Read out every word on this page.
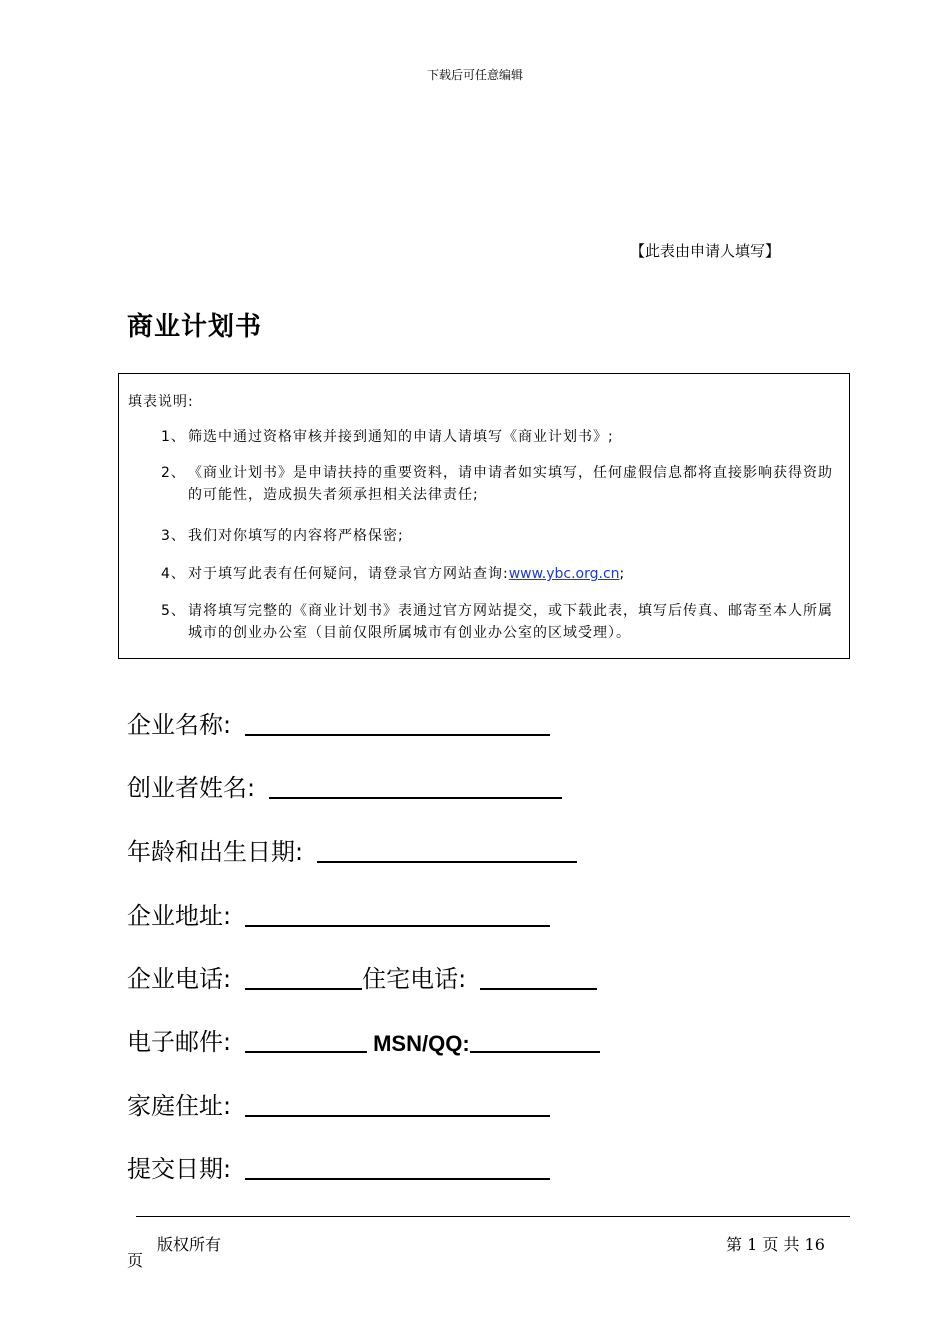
下载后可任意编辑
【此表由申请人填写】
商业计划书
填表说明:
1、 筛选中通过资格审核并接到通知的申请人请填写《商业计划书》;
2、 《商业计划书》是申请扶持的重要资料，请申请者如实填写，任何虚假信息都将直接影响获得资助的可能性，造成损失者须承担相关法律责任;
3、 我们对你填写的内容将严格保密;
4、 对于填写此表有任何疑问，请登录官方网站查询:www.ybc.org.cn;
5、 请将填写完整的《商业计划书》表通过官方网站提交，或下载此表，填写后传真、邮寄至本人所属城市的创业办公室（目前仅限所属城市有创业办公室的区域受理）。
企业名称:
创业者姓名:
年龄和出生日期:
企业地址:
企业电话:	住宅电话:
电子邮件:	MSN/QQ:
家庭住址:
提交日期:
版权所有	第 1 页 共 16
页
